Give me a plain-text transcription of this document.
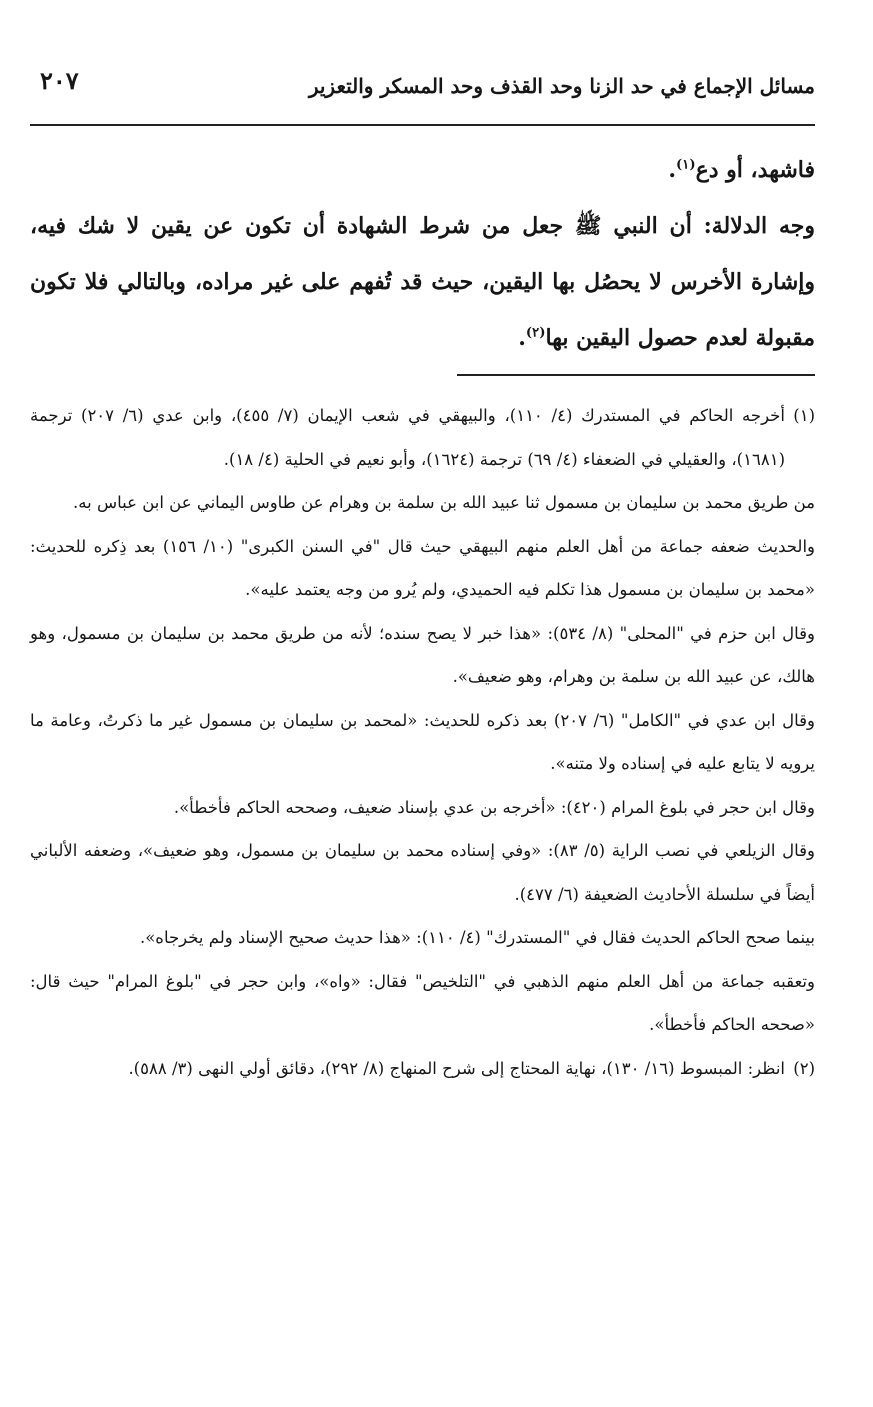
مسائل الإجماع في حد الزنا وحد القذف وحد المسكر والتعزير
٢٠٧

فاشهد، أو دع$^{(١)}$.

وجه الدلالة: أن النبي ﷺ جعل من شرط الشهادة أن تكون عن يقين لا شك فيه، وإشارة الأخرس لا يحصُل بها اليقين، حيث قد تُفهم على غير مراده، وبالتالي فلا تكون مقبولة لعدم حصول اليقين بها$^{(٢)}$.

(١)
أخرجه الحاكم في المستدرك (٤/ ١١٠)، والبيهقي في شعب الإيمان (٧/ ٤٥٥)، وابن عدي (٦/ ٢٠٧) ترجمة (١٦٨١)، والعقيلي في الضعفاء (٤/ ٦٩) ترجمة (١٦٢٤)، وأبو نعيم في الحلية (٤/ ١٨).

من طريق محمد بن سليمان بن مسمول ثنا عبيد الله بن سلمة بن وهرام عن طاوس اليماني عن ابن عباس به.

والحديث ضعفه جماعة من أهل العلم منهم البيهقي حيث قال "في السنن الكبرى" (١٠/ ١٥٦) بعد ذِكره للحديث: «محمد بن سليمان بن مسمول هذا تكلم فيه الحميدي، ولم يُرو من وجه يعتمد عليه».

وقال ابن حزم في "المحلى" (٨/ ٥٣٤): «هذا خبر لا يصح سنده؛ لأنه من طريق محمد بن سليمان بن مسمول، وهو هالك، عن عبيد الله بن سلمة بن وهرام، وهو ضعيف».

وقال ابن عدي في "الكامل" (٦/ ٢٠٧) بعد ذكره للحديث: «لمحمد بن سليمان بن مسمول غير ما ذكرتُ، وعامة ما يرويه لا يتابع عليه في إسناده ولا متنه».

وقال ابن حجر في بلوغ المرام (٤٢٠): «أخرجه بن عدي بإسناد ضعيف، وصححه الحاكم فأخطأ».

وقال الزيلعي في نصب الراية (٥/ ٨٣): «وفي إسناده محمد بن سليمان بن مسمول، وهو ضعيف»، وضعفه الألباني أيضاً في سلسلة الأحاديث الضعيفة (٦/ ٤٧٧).

بينما صحح الحاكم الحديث فقال في "المستدرك" (٤/ ١١٠): «هذا حديث صحيح الإسناد ولم يخرجاه».

وتعقبه جماعة من أهل العلم منهم الذهبي في "التلخيص" فقال: «واه»، وابن حجر في "بلوغ المرام" حيث قال: «صححه الحاكم فأخطأ».

(٢)
انظر: المبسوط (١٦/ ١٣٠)، نهاية المحتاج إلى شرح المنهاج (٨/ ٢٩٢)، دقائق أولي النهى (٣/ ٥٨٨).
